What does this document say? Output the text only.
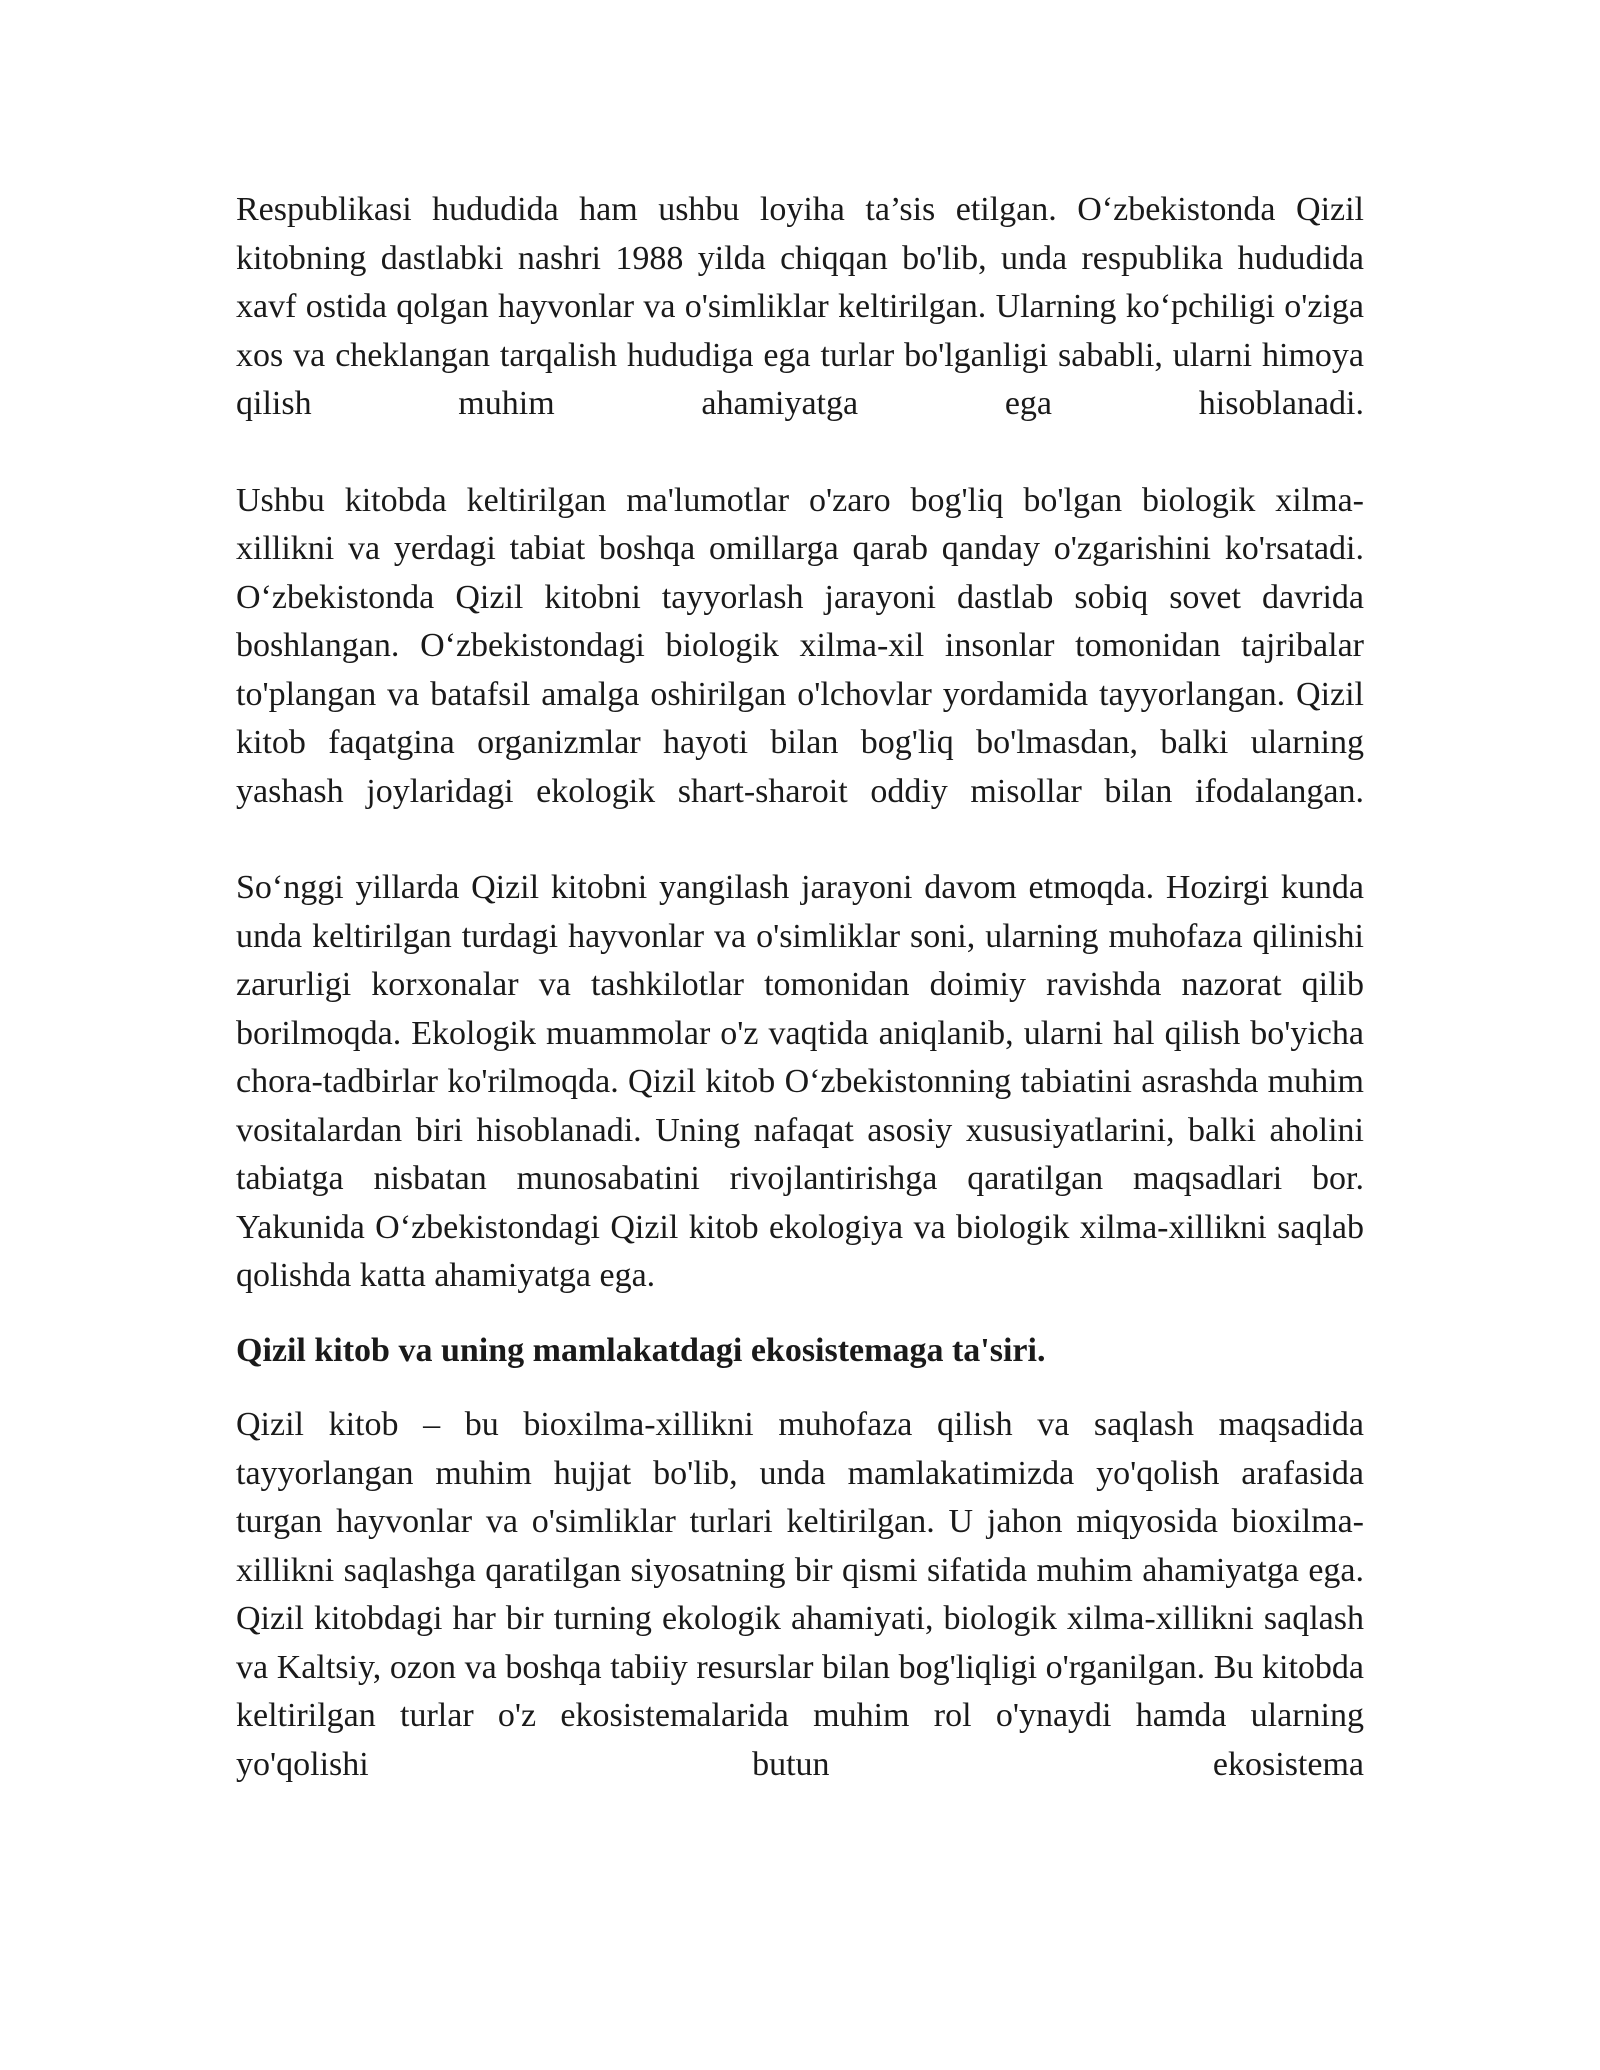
Respublikasi hududida ham ushbu loyiha ta’sis etilgan. O‘zbekistonda Qizil kitobning dastlabki nashri 1988 yilda chiqqan bo'lib, unda respublika hududida xavf ostida qolgan hayvonlar va o'simliklar keltirilgan. Ularning ko‘pchiligi o'ziga xos va cheklangan tarqalish hududiga ega turlar bo'lganligi sababli, ularni himoya qilish muhim ahamiyatga ega hisoblanadi.

Ushbu kitobda keltirilgan ma'lumotlar o'zaro bog'liq bo'lgan biologik xilma-xillikni va yerdagi tabiat boshqa omillarga qarab qanday o'zgarishini ko'rsatadi. O‘zbekistonda Qizil kitobni tayyorlash jarayoni dastlab sobiq sovet davrida boshlangan. O‘zbekistondagi biologik xilma-xil insonlar tomonidan tajribalar to'plangan va batafsil amalga oshirilgan o'lchovlar yordamida tayyorlangan. Qizil kitob faqatgina organizmlar hayoti bilan bog'liq bo'lmasdan, balki ularning yashash joylaridagi ekologik shart-sharoit oddiy misollar bilan ifodalangan.

So‘nggi yillarda Qizil kitobni yangilash jarayoni davom etmoqda. Hozirgi kunda unda keltirilgan turdagi hayvonlar va o'simliklar soni, ularning muhofaza qilinishi zarurligi korxonalar va tashkilotlar tomonidan doimiy ravishda nazorat qilib borilmoqda. Ekologik muammolar o'z vaqtida aniqlanib, ularni hal qilish bo'yicha chora-tadbirlar ko'rilmoqda. Qizil kitob O‘zbekistonning tabiatini asrashda muhim vositalardan biri hisoblanadi. Uning nafaqat asosiy xususiyatlarini, balki aholini tabiatga nisbatan munosabatini rivojlantirishga qaratilgan maqsadlari bor. Yakunida O‘zbekistondagi Qizil kitob ekologiya va biologik xilma-xillikni saqlab qolishda katta ahamiyatga ega.

Qizil kitob va uning mamlakatdagi ekosistemaga ta'siri.

Qizil kitob – bu bioxilma-xillikni muhofaza qilish va saqlash maqsadida tayyorlangan muhim hujjat bo'lib, unda mamlakatimizda yo'qolish arafasida turgan hayvonlar va o'simliklar turlari keltirilgan. U jahon miqyosida bioxilma-xillikni saqlashga qaratilgan siyosatning bir qismi sifatida muhim ahamiyatga ega. Qizil kitobdagi har bir turning ekologik ahamiyati, biologik xilma-xillikni saqlash va Kaltsiy, ozon va boshqa tabiiy resurslar bilan bog'liqligi o'rganilgan. Bu kitobda keltirilgan turlar o'z ekosistemalarida muhim rol o'ynaydi hamda ularning yo'qolishi butun ekosistema
